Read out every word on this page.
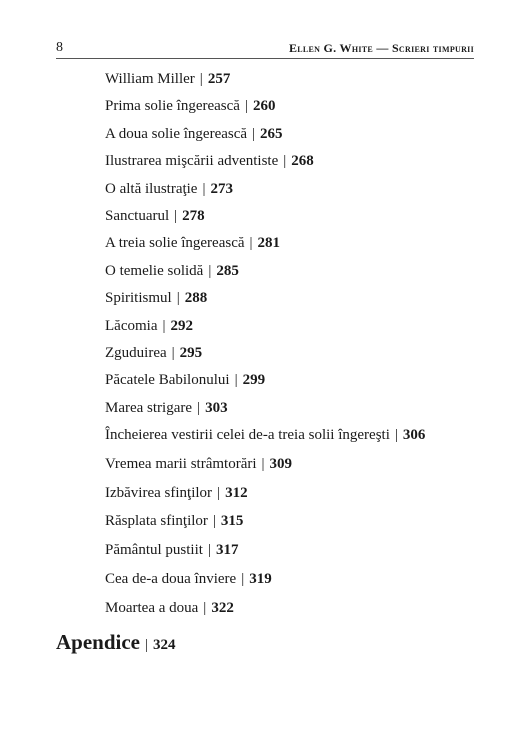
8	Ellen G. White — Scrieri timpurii
William Miller | 257
Prima solie îngerească | 260
A doua solie îngerească | 265
Ilustrarea mişcării adventiste | 268
O altă ilustraţie | 273
Sanctuarul | 278
A treia solie îngerească | 281
O temelie solidă | 285
Spiritismul | 288
Lăcomia | 292
Zguduirea | 295
Păcatele Babilonului | 299
Marea strigare | 303
Încheierea vestirii celei de-a treia solii îngereşti | 306
Vremea marii strâmtorări | 309
Izbăvirea sfinţilor | 312
Răsplata sfinţilor | 315
Pământul pustiit | 317
Cea de-a doua înviere | 319
Moartea a doua | 322
Apendice | 324
